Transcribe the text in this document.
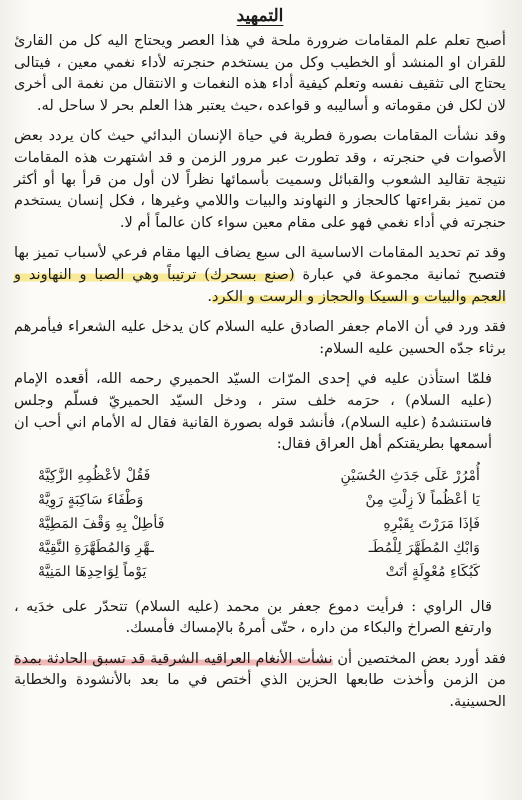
التمهيد

أصبح تعلم علم المقامات ضرورة ملحة في هذا العصر ويحتاج اليه كل من القارئ للقران او المنشد أو الخطيب وكل من يستخدم حنجرته لأداء نغمي معين ، فيتالى يحتاج الى تثقيف نفسه وتعلم كيفية أداء هذه النغمات و الانتقال من نغمة الى أخرى لان لكل فن مقوماته و أساليبه و قواعده ،حيث يعتبر هذا العلم بحر لا ساحل له.

وقد نشأت المقامات بصورة فطرية في حياة الإنسان البدائي حيث كان يردد بعض الأصوات في حنجرته ، وقد تطورت عبر مرور الزمن و قد اشتهرت هذه المقامات نتيجة تقاليد الشعوب والقبائل وسميت بأسمائها نظراً لان أول من قرأ بها أو أكثر من تميز بقراءتها كالحجاز و النهاوند والبيات واللامي وغيرها ، فكل إنسان يستخدم حنجرته في أداء نغمي فهو على مقام معين سواء كان عالماً أم لا.

وقد تم تحديد المقامات الاساسية الى سبع يضاف اليها مقام فرعي لأسباب تميز بها فتصبح ثمانية مجموعة في عبارة (صنع بسحرك) ترتيباً وهي الصبا و النهاوند و العجم والبيات و السيكا والحجاز و الرست و الكرد.

فقد ورد في أن الامام جعفر الصادق عليه السلام كان يدخل عليه الشعراء فيأمرهم برثاء جدّه الحسين عليه السلام:

فلمّا استأذن عليه في إحدى المرّات السيّد الحميري رحمه الله، أقعده الإمام (عليه السلام) ، حرَمه خلف ستر ، ودخل السيّد الحميريّ فسلّم وجلس فاستنشدهُ (عليه السلام)، فأنشد قوله بصورة القانية فقال له الأمام اني أحب ان أسمعها بطريقتكم أهل العراق فقال:

أُمْرُرْ عَلَى جَدَثِ الحُسَيْنِ
فَقُلْ لأعْظُمِهِ الزَّكِيَّهْ
يَا أعْظُماً لاَ زِلْتِ مِنْ
وَطْفَاءَ سَاكِبَةٍ رَوِيَّهْ
فَإذَا مَرَرْتَ بِقَبْرِهِ
فَأطِلْ بِهِ وَقْفَ المَطِيَّهْ
وَابْكِ المُطَهَّرَ لِلْمُطَـ
ـهَّرِ وَالمُطَهَّرَةِ النَّقِيَّهْ
كَبُكَاءِ مُعْوِلَةٍ أتَتْ
يَوْماً لِوَاحِدِهَا المَنِيَّهْ

قال الراوي : فرأيت دموع جعفر بن محمد (عليه السلام) تتحدّر على خدَيه ، وارتفع الصراخ والبكاء من داره ، حتّى أمرهُ بالإمساك فأمسك.

فقد أورد بعض المختصين أن نشأت الأنغام العراقيه الشرقية قد تسبق الحادثة بمدة من الزمن وأخذت طابعها الحزين الذي أختص في ما بعد بالأنشودة والخطابة الحسينية.
